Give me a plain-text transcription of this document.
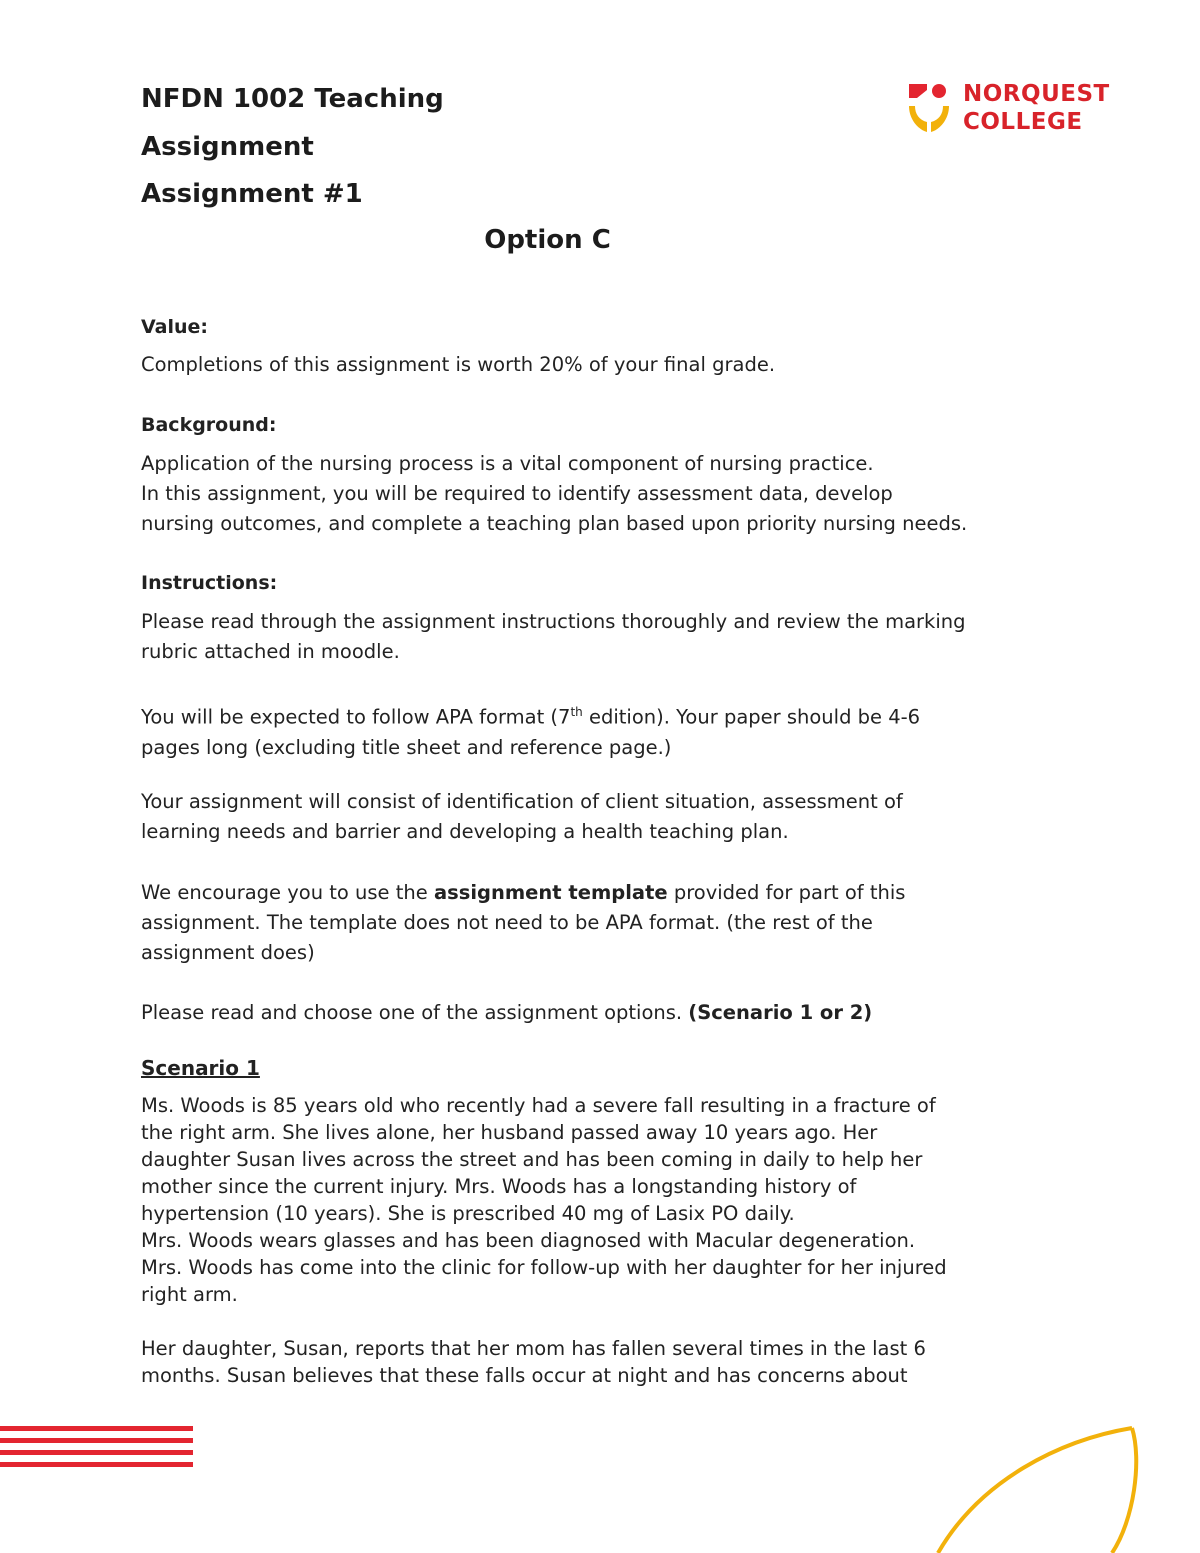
NFDN 1002 Teaching
Assignment
Assignment #1
Option C
NORQUEST
COLLEGE
Value:
Completions of this assignment is worth 20% of your final grade.
Background:
Application of the nursing process is a vital component of nursing practice.
In this assignment, you will be required to identify assessment data, develop
nursing outcomes, and complete a teaching plan based upon priority nursing needs.
Instructions:
Please read through the assignment instructions thoroughly and review the marking
rubric attached in moodle.
You will be expected to follow APA format (7th edition). Your paper should be 4-6
pages long (excluding title sheet and reference page.)
Your assignment will consist of identification of client situation, assessment of
learning needs and barrier and developing a health teaching plan.
We encourage you to use the assignment template provided for part of this
assignment. The template does not need to be APA format. (the rest of the
assignment does)
Please read and choose one of the assignment options. (Scenario 1 or 2)
Scenario 1
Ms. Woods is 85 years old who recently had a severe fall resulting in a fracture of
the right arm. She lives alone, her husband passed away 10 years ago. Her
daughter Susan lives across the street and has been coming in daily to help her
mother since the current injury. Mrs. Woods has a longstanding history of
hypertension (10 years). She is prescribed 40 mg of Lasix PO daily.
Mrs. Woods wears glasses and has been diagnosed with Macular degeneration.
Mrs. Woods has come into the clinic for follow-up with her daughter for her injured
right arm.
Her daughter, Susan, reports that her mom has fallen several times in the last 6
months. Susan believes that these falls occur at night and has concerns about
